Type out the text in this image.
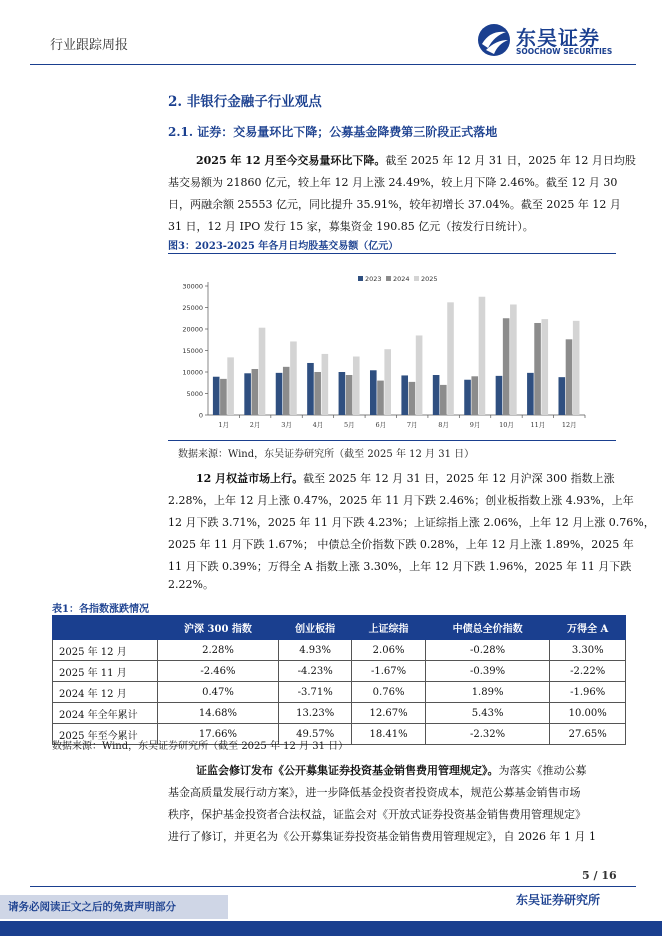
行业跟踪周报	东吴证券
SOOCHOW SECURITIES
2. 非银行金融子行业观点
2.1. 证券：交易量环比下降；公募基金降费第三阶段正式落地
2025 年 12 月至今交易量环比下降。截至 2025 年 12 月 31 日，2025 年 12 月日均股
基交易额为 21860 亿元，较上年 12 月上涨 24.49%，较上月下降 2.46%。截至 12 月 30
日，两融余额 25553 亿元，同比提升 35.91%，较年初增长 37.04%。截至 2025 年 12 月
31 日，12 月 IPO 发行 15 家，募集资金 190.85 亿元（按发行日统计）。
图3：2023-2025 年各月日均股基交易额（亿元）
0
5000
10000
15000
20000
25000
30000
1月	2月	3月	4月	5月	6月	7月	8月	9月	10月	11月	12月
2023 2024 2025
数据来源：Wind，东吴证券研究所（截至 2025 年 12 月 31 日）
12 月权益市场上行。截至 2025 年 12 月 31 日，2025 年 12 月沪深 300 指数上涨
2.28%，上年 12 月上涨 0.47%，2025 年 11 月下跌 2.46%；创业板指数上涨 4.93%，上年
12 月下跌 3.71%，2025 年 11 月下跌 4.23%；上证综指上涨 2.06%，上年 12 月上涨 0.76%，
2025 年 11 月下跌 1.67%； 中债总全价指数下跌 0.28%，上年 12 月上涨 1.89%，2025 年
11 月下跌 0.39%；万得全 A 指数上涨 3.30%，上年 12 月下跌 1.96%，2025 年 11 月下跌
2.22%。
表1：各指数涨跌情况
	沪深 300 指数	创业板指	上证综指	中债总全价指数	万得全 A
2025 年 12 月	2.28%	4.93%	2.06%	-0.28%	3.30%
2025 年 11 月	-2.46%	-4.23%	-1.67%	-0.39%	-2.22%
2024 年 12 月	0.47%	-3.71%	0.76%	1.89%	-1.96%
2024 年全年累计	14.68%	13.23%	12.67%	5.43%	10.00%
2025 年至今累计	17.66%	49.57%	18.41%	-2.32%	27.65%
数据来源：Wind，东吴证券研究所（截至 2025 年 12 月 31 日）
证监会修订发布《公开募集证券投资基金销售费用管理规定》。为落实《推动公募
基金高质量发展行动方案》，进一步降低基金投资者投资成本，规范公募基金销售市场
秩序，保护基金投资者合法权益，证监会对《开放式证券投资基金销售费用管理规定》
进行了修订，并更名为《公开募集证券投资基金销售费用管理规定》，自 2026 年 1 月 1
5 / 16
东吴证券研究所
请务必阅读正文之后的免责声明部分
